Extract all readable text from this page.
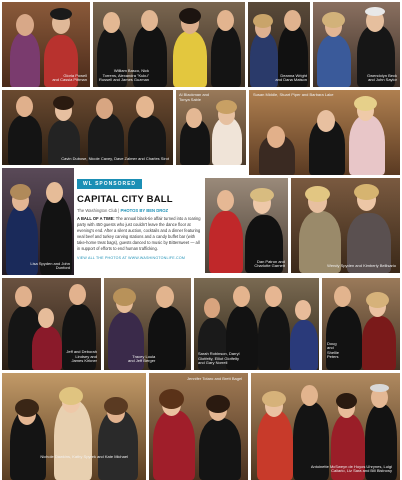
Gloria Powell
and Cassia Pittman
William Basco, Nick
Torrens, Alexandra "Kuku"
Russell and James Guzman
Deanna Wright
and Dana Matson
Gwendolyn Beck
and John Saylor
Cavin Dubose, Nicole Cavey, Dave Zalmer and Charles Sirot
Al Blackman and
Tonya Sable
Susan Middle, Stuart Piper and Barbara Lake
Lisa Spyden and John
Dunford
WL SPONSORED
CAPITAL CITY BALL
The Washington Club | PHOTOS BY BEN DROZ
A BALL OF A TIME: The annual black-tie affair turned into a roaring party with 450 guests who just couldn't leave the dance floor at evening's end. After a silent auction, cocktails and a dinner featuring veal beef and turkey carving stations and a candy buffet bar (with take-home treat bags), guests danced to music by Bittersweet — all in support of efforts to end human trafficking.
VIEW ALL THE PHOTOS AT WWW.WASHINGTONLIFE.COM
Dan Patron and
Charlotte Garnett	Wendy Spyden and Kimberly Bellisario
Jeff and Deborah
Lindsey and
James Kirkner
Tracey Loula
and Jeff Berger
Sarah Robinson, Darryl
Glotfelty, Elliot Glotfelty
and Gary Norrell
Doug
and
Shellie
Peters
Nichole Dawkins, Kathy Spyrek and Kate Michael
Jennifer Totaro and Brett Bagel
Antoinette McSweyn de Hoyos Uhrynes, Luigi
Caliario, Liz Sara and Bill Bistrowy
